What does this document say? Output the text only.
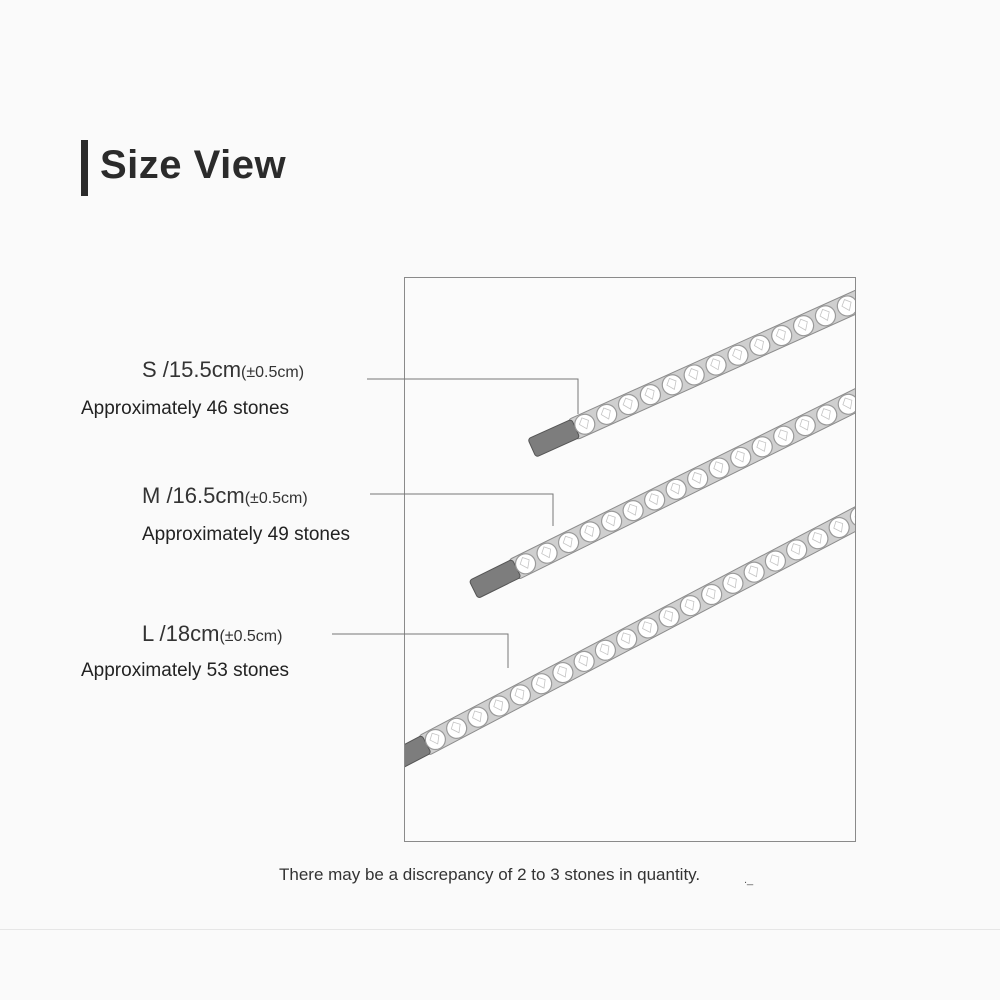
Size View
S /15.5cm(±0.5cm)
Approximately 46 stones
M /16.5cm(±0.5cm)
Approximately 49 stones
L /18cm(±0.5cm)
Approximately 53 stones
There may be a discrepancy of 2 to 3 stones in quantity.	._
